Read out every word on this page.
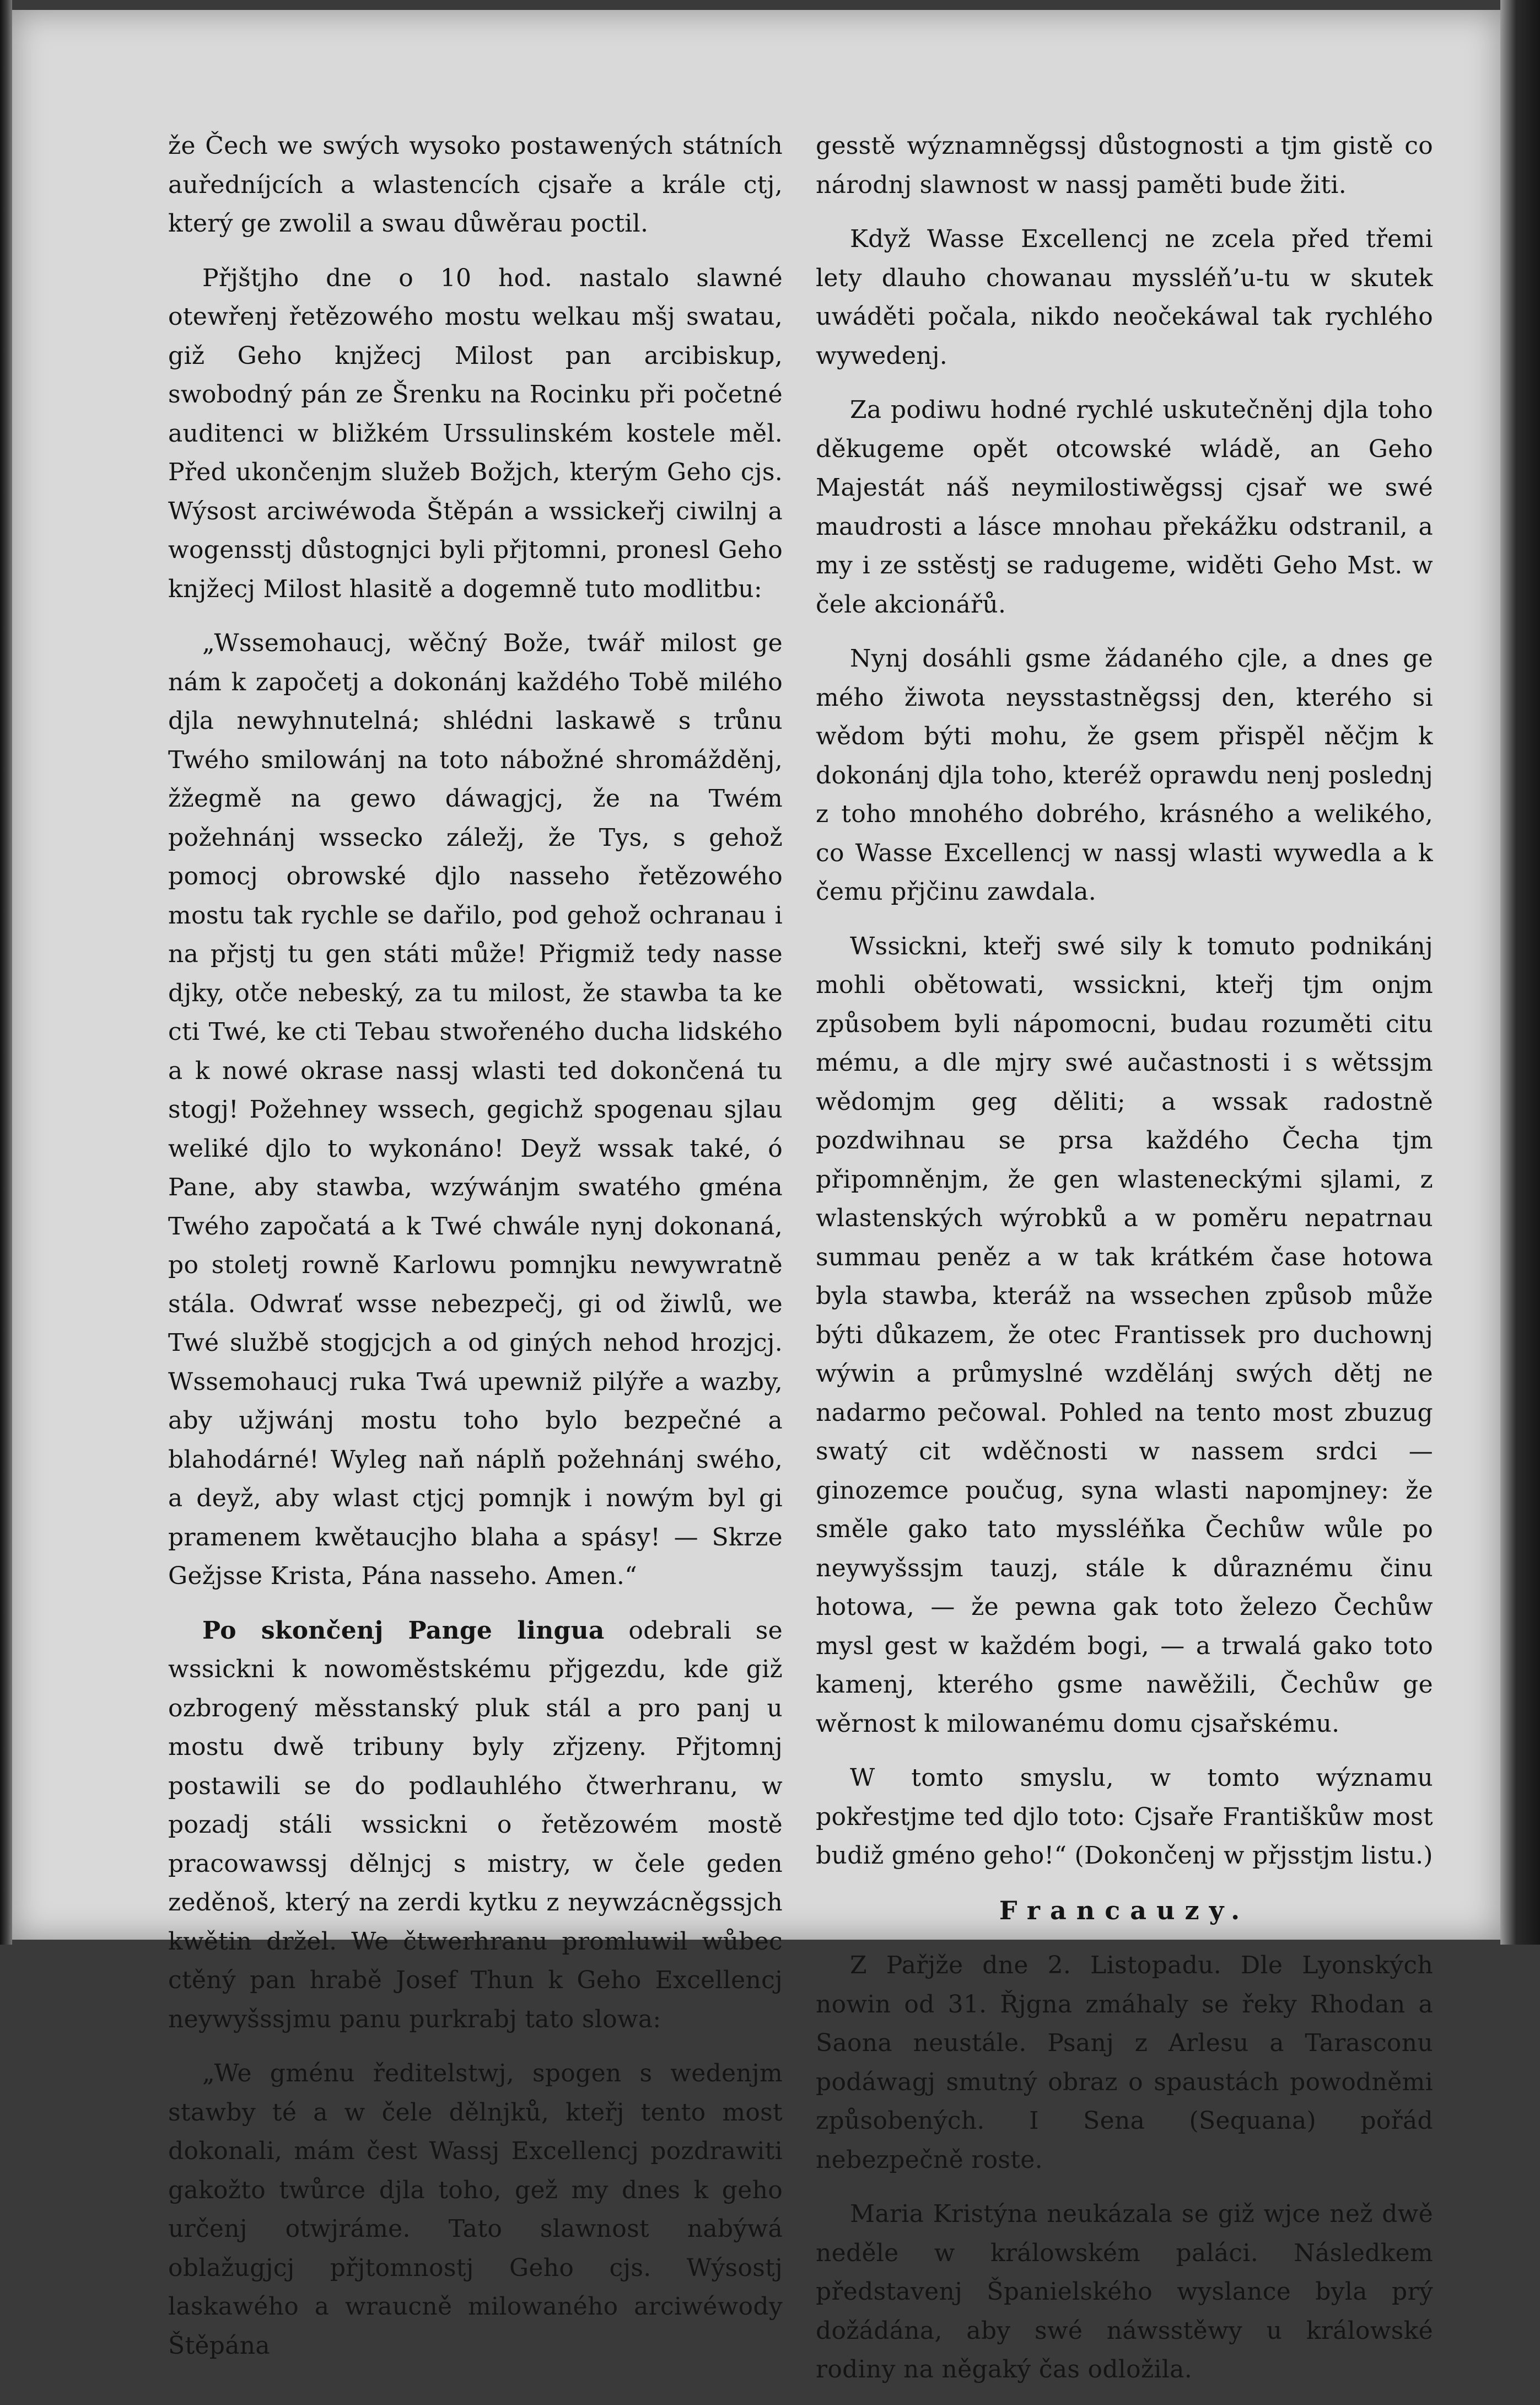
že Čech we swých wysoko postawených státních auředníjcích a wlastencích cjsaře a krále ctj, který ge zwolil a swau důwěrau poctil.

Přjštjho dne o 10 hod. nastalo slawné otewřenj řetězowého mostu welkau mšj swatau, giž Geho knjžecj Milost pan arcibiskup, swobodný pán ze Šrenku na Rocinku při početné auditenci w bližkém Urssulinském kostele měl. Před ukončenjm služeb Božjch, kterým Geho cjs. Wýsost arciwéwoda Štěpán a wssickeřj ciwilnj a wogensstj důstognjci byli přjtomni, pronesl Geho knjžecj Milost hlasitě a dogemně tuto modlitbu:

„Wssemohaucj, wěčný Bože, twář milost ge nám k započetj a dokonánj každého Tobě milého djla newyhnutelná; shlédni laskawě s trůnu Twého smilowánj na toto nábožné shromážděnj, žžegmě na gewo dáwagjcj, že na Twém požehnánj wssecko záležj, že Tys, s gehož pomocj obrowské djlo nasseho řetězowého mostu tak rychle se dařilo, pod gehož ochranau i na přjstj tu gen státi může! Přigmiž tedy nasse djky, otče nebeský, za tu milost, že stawba ta ke cti Twé, ke cti Tebau stwořeného ducha lidského a k nowé okrase nassj wlasti ted dokončená tu stogj! Požehney wssech, gegichž spogenau sjlau weliké djlo to wykonáno! Deyž wssak také, ó Pane, aby stawba, wzýwánjm swatého gména Twého započatá a k Twé chwále nynj dokonaná, po stoletj rowně Karlowu pomnjku newywratně stála. Odwrať wsse nebezpečj, gi od žiwlů, we Twé službě stogjcjch a od giných nehod hrozjcj. Wssemohaucj ruka Twá upewniž pilýře a wazby, aby užjwánj mostu toho bylo bezpečné a blahodárné! Wyleg naň náplň požehnánj swého, a deyž, aby wlast ctjcj pomnjk i nowým byl gi pramenem kwětaucjho blaha a spásy! — Skrze Gežjsse Krista, Pána nasseho. Amen.“

Po skončenj Pange lingua odebrali se wssickni k nowoměstskému přjgezdu, kde giž ozbrogený měsstanský pluk stál a pro panj u mostu dwě tribuny byly zřjzeny. Přjtomnj postawili se do podlauhlého čtwerhranu, w pozadj stáli wssickni o řetězowém mostě pracowawssj dělnjcj s mistry, w čele geden zeděnoš, který na zerdi kytku z neywzácněgssjch kwětin držel. We čtwerhranu promluwil wůbec ctěný pan hrabě Josef Thun k Geho Excellencj neywyšssjmu panu purkrabj tato slowa:

„We gménu ředitelstwj, spogen s wedenjm stawby té a w čele dělnjků, kteřj tento most dokonali, mám čest Wassj Excellencj pozdrawiti gakožto twůrce djla toho, gež my dnes k geho určenj otwjráme. Tato slawnost nabýwá oblažugjcj přjtomnostj Geho cjs. Wýsostj laskawého a wraucně milowaného arciwéwody Štěpána

gesstě wýznamněgssj důstognosti a tjm gistě co národnj slawnost w nassj paměti bude žiti.

Když Wasse Excellencj ne zcela před třemi lety dlauho chowanau myssléň’u-tu w skutek uwáděti počala, nikdo neočekáwal tak rychlého wywedenj.

Za podiwu hodné rychlé uskutečněnj djla toho děkugeme opět otcowské wládě, an Geho Majestát náš neymilostiwěgssj cjsař we swé maudrosti a lásce mnohau překážku odstranil, a my i ze sstěstj se radugeme, widěti Geho Mst. w čele akcionářů.

Nynj dosáhli gsme žádaného cjle, a dnes ge mého žiwota neysstastněgssj den, kterého si wědom býti mohu, že gsem přispěl něčjm k dokonánj djla toho, kteréž oprawdu nenj poslednj z toho mnohého dobrého, krásného a welikého, co Wasse Excellencj w nassj wlasti wywedla a k čemu přjčinu zawdala.

Wssickni, kteřj swé sily k tomuto podnikánj mohli obětowati, wssickni, kteřj tjm onjm způsobem byli nápomocni, budau rozuměti citu mému, a dle mjry swé aučastnosti i s wětssjm wědomjm geg děliti; a wssak radostně pozdwihnau se prsa každého Čecha tjm připomněnjm, že gen wlasteneckými sjlami, z wlastenských wýrobků a w poměru nepatrnau summau peněz a w tak krátkém čase hotowa byla stawba, kteráž na wssechen způsob může býti důkazem, že otec Frantissek pro duchownj wýwin a průmyslné wzdělánj swých dětj ne nadarmo pečowal. Pohled na tento most zbuzug swatý cit wděčnosti w nassem srdci — ginozemce poučug, syna wlasti napomjney: že směle gako tato myssléňka Čechůw wůle po neywyšssjm tauzj, stále k důraznému činu hotowa, — že pewna gak toto železo Čechůw mysl gest w každém bogi, — a trwalá gako toto kamenj, kterého gsme nawěžili, Čechůw ge wěrnost k milowanému domu cjsařskému.

W tomto smyslu, w tomto wýznamu pokřestjme ted djlo toto: Cjsaře Františkůw most budiž gméno geho!“ (Dokončenj w přjsstjm listu.)

Francauzy.

Z Pařjže dne 2. Listopadu. Dle Lyonských nowin od 31. Řjgna zmáhaly se řeky Rhodan a Saona neustále. Psanj z Arlesu a Tarasconu podáwagj smutný obraz o spaustách powodněmi způsobených. I Sena (Sequana) pořád nebezpečně roste.

Maria Kristýna neukázala se giž wjce než dwě neděle w králowském paláci. Následkem představenj Španielského wyslance byla prý dožádána, aby swé náwsstěwy u králowské rodiny na něgaký čas odložila.
